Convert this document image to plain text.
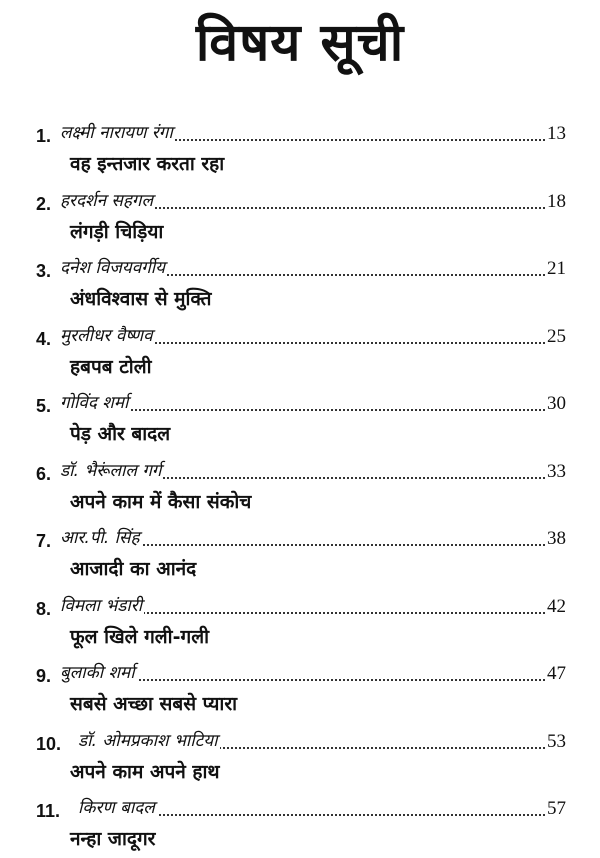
विषय सूची
1. लक्ष्मी नारायण रंगा	13
वह इन्तजार करता रहा
2. हरदर्शन सहगल	18
लंगड़ी चिड़िया
3. दनेश विजयवर्गीय	21
अंधविश्वास से मुक्ति
4. मुरलीधर वैष्णव	25
हबपब टोली
5. गोविंद शर्मा	30
पेड़ और बादल
6. डॉ. भैरूंलाल गर्ग	33
अपने काम में कैसा संकोच
7. आर.पी. सिंह	38
आजादी का आनंद
8. विमला भंडारी	42
फूल खिले गली-गली
9. बुलाकी शर्मा	47
सबसे अच्छा सबसे प्यारा
10. डॉ. ओमप्रकाश भाटिया	53
अपने काम अपने हाथ
11. किरण बादल	57
नन्हा जादूगर
